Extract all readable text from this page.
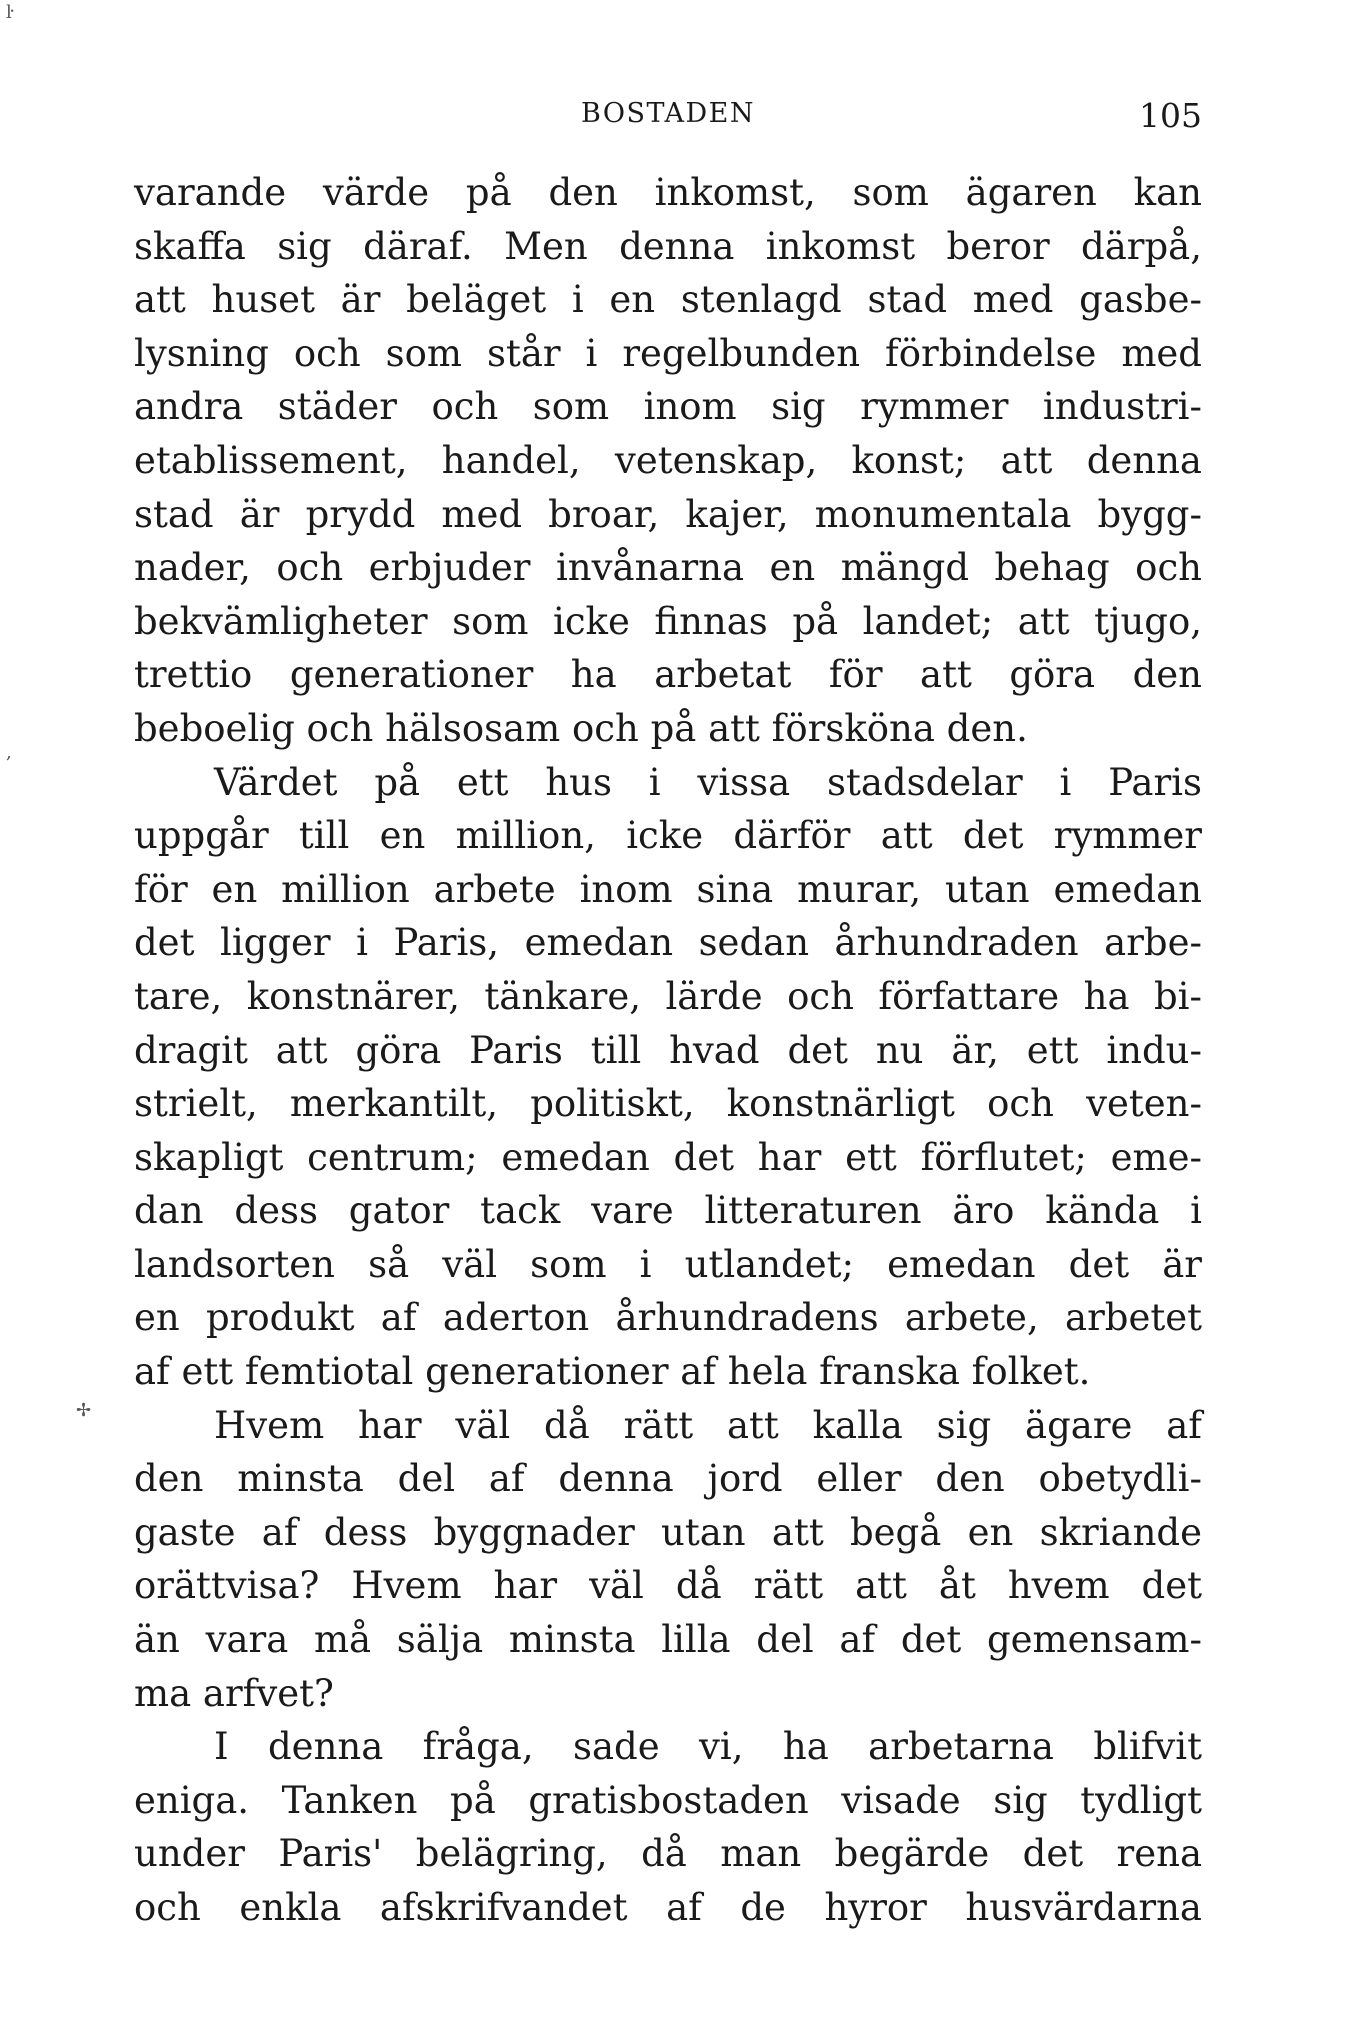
BOSTADEN	105
ŀ
,
✢
varande värde på den inkomst, som ägaren kan
skaffa sig däraf. Men denna inkomst beror därpå,
att huset är beläget i en stenlagd stad med gasbe-
lysning och som står i regelbunden förbindelse med
andra städer och som inom sig rymmer industri-
etablissement, handel, vetenskap, konst; att denna
stad är prydd med broar, kajer, monumentala bygg-
nader, och erbjuder invånarna en mängd behag och
bekvämligheter som icke finnas på landet; att tjugo,
trettio generationer ha arbetat för att göra den
beboelig och hälsosam och på att försköna den.
Värdet på ett hus i vissa stadsdelar i Paris
uppgår till en million, icke därför att det rymmer
för en million arbete inom sina murar, utan emedan
det ligger i Paris, emedan sedan århundraden arbe-
tare, konstnärer, tänkare, lärde och författare ha bi-
dragit att göra Paris till hvad det nu är, ett indu-
strielt, merkantilt, politiskt, konstnärligt och veten-
skapligt centrum; emedan det har ett förflutet; eme-
dan dess gator tack vare litteraturen äro kända i
landsorten så väl som i utlandet; emedan det är
en produkt af aderton århundradens arbete, arbetet
af ett femtiotal generationer af hela franska folket.
Hvem har väl då rätt att kalla sig ägare af
den minsta del af denna jord eller den obetydli-
gaste af dess byggnader utan att begå en skriande
orättvisa? Hvem har väl då rätt att åt hvem det
än vara må sälja minsta lilla del af det gemensam-
ma arfvet?
I denna fråga, sade vi, ha arbetarna blifvit
eniga. Tanken på gratisbostaden visade sig tydligt
under Paris' belägring, då man begärde det rena
och enkla afskrifvandet af de hyror husvärdarna
